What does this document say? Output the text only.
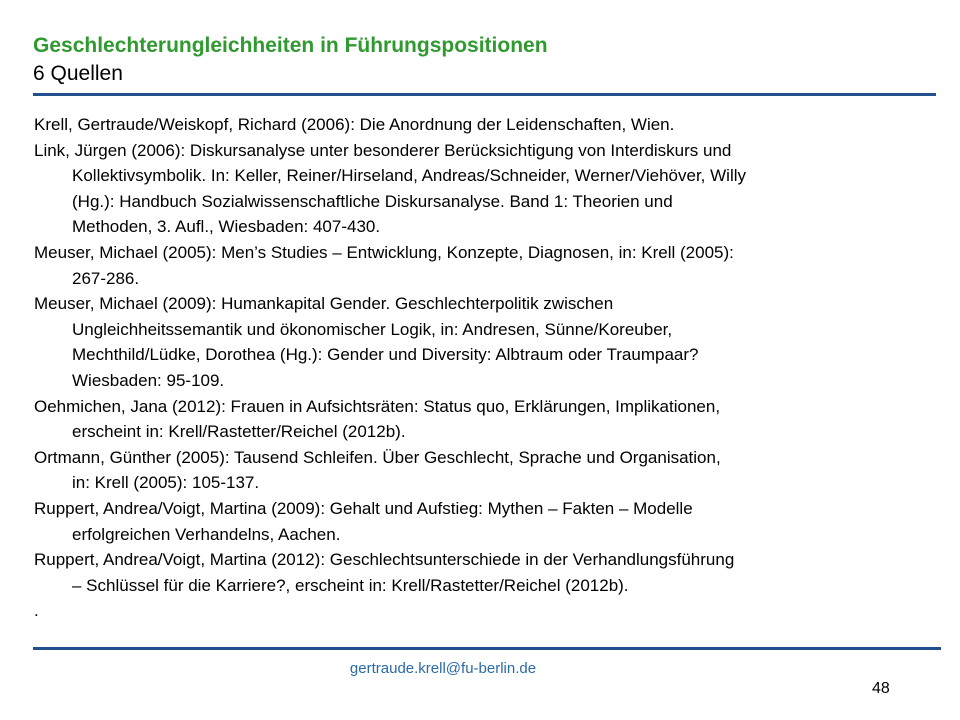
Geschlechterungleichheiten in Führungspositionen
6 Quellen
Krell, Gertraude/Weiskopf, Richard (2006): Die Anordnung der Leidenschaften, Wien.
Link, Jürgen (2006): Diskursanalyse unter besonderer Berücksichtigung von Interdiskurs und
Kollektivsymbolik. In: Keller, Reiner/Hirseland, Andreas/Schneider, Werner/Viehöver, Willy
(Hg.): Handbuch Sozialwissenschaftliche Diskursanalyse. Band 1: Theorien und
Methoden, 3. Aufl., Wiesbaden: 407-430.
Meuser, Michael (2005): Men’s Studies – Entwicklung, Konzepte, Diagnosen, in: Krell (2005):
267-286.
Meuser, Michael (2009): Humankapital Gender. Geschlechterpolitik zwischen
Ungleichheitssemantik und ökonomischer Logik, in: Andresen, Sünne/Koreuber,
Mechthild/Lüdke, Dorothea (Hg.): Gender und Diversity: Albtraum oder Traumpaar?
Wiesbaden: 95-109.
Oehmichen, Jana (2012): Frauen in Aufsichtsräten: Status quo, Erklärungen, Implikationen,
erscheint in: Krell/Rastetter/Reichel (2012b).
Ortmann, Günther (2005): Tausend Schleifen. Über Geschlecht, Sprache und Organisation,
in: Krell (2005): 105-137.
Ruppert, Andrea/Voigt, Martina (2009): Gehalt und Aufstieg: Mythen – Fakten – Modelle
erfolgreichen Verhandelns, Aachen.
Ruppert, Andrea/Voigt, Martina (2012): Geschlechtsunterschiede in der Verhandlungsführung
– Schlüssel für die Karriere?, erscheint in: Krell/Rastetter/Reichel (2012b).
.
gertraude.krell@fu-berlin.de
48
